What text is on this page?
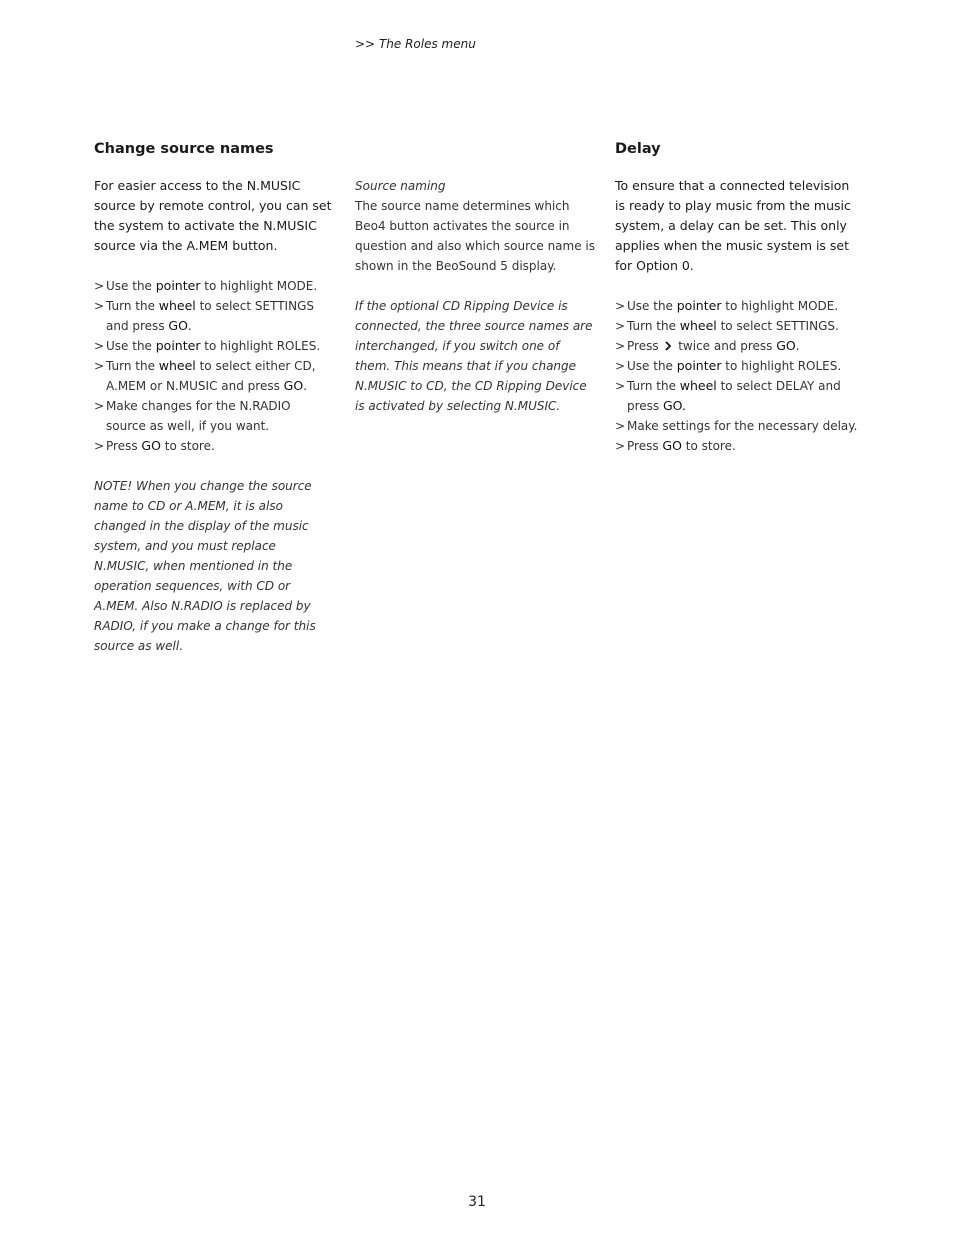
>> The Roles menu
Change source names
For easier access to the N.MUSIC source by remote control, you can set the system to activate the N.MUSIC source via the A.MEM button.
> Use the pointer to highlight MODE.
> Turn the wheel to select SETTINGS and press GO.
> Use the pointer to highlight ROLES.
> Turn the wheel to select either CD, A.MEM or N.MUSIC and press GO.
> Make changes for the N.RADIO source as well, if you want.
> Press GO to store.
NOTE! When you change the source name to CD or A.MEM, it is also changed in the display of the music system, and you must replace N.MUSIC, when mentioned in the operation sequences, with CD or A.MEM. Also N.RADIO is replaced by RADIO, if you make a change for this source as well.
Source naming
The source name determines which Beo4 button activates the source in question and also which source name is shown in the BeoSound 5 display.
If the optional CD Ripping Device is connected, the three source names are interchanged, if you switch one of them. This means that if you change N.MUSIC to CD, the CD Ripping Device is activated by selecting N.MUSIC.
Delay
To ensure that a connected television is ready to play music from the music system, a delay can be set. This only applies when the music system is set for Option 0.
> Use the pointer to highlight MODE.
> Turn the wheel to select SETTINGS.
> Press  twice and press GO.
> Use the pointer to highlight ROLES.
> Turn the wheel to select DELAY and press GO.
> Make settings for the necessary delay.
> Press GO to store.
31
